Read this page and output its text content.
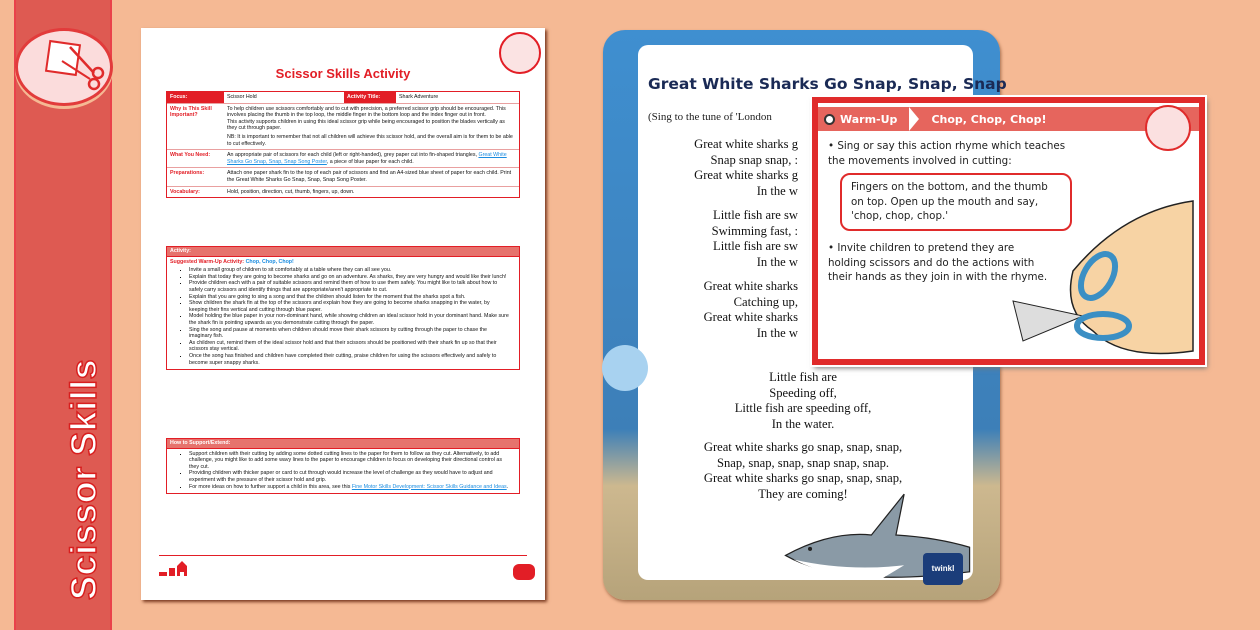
Scissor Skills
Scissor Skills Activity
Focus:	Scissor Hold	Activity Title:	Shark Adventure
Why is This Skill Important?
To help children use scissors comfortably and to cut with precision, a preferred scissor grip should be encouraged. This involves placing the thumb in the top loop, the middle finger in the bottom loop and the index finger out in front.
This activity supports children in using this ideal scissor grip while being encouraged to position the blades vertically as they cut through paper.
NB: It is important to remember that not all children will achieve this scissor hold, and the overall aim is for them to be able to cut effectively.
What You Need:	An appropriate pair of scissors for each child (left or right-handed), grey paper cut into fin-shaped triangles, Great White Sharks Go Snap, Snap, Snap Song Poster, a piece of blue paper for each child.
Preparations:	Attach one paper shark fin to the top of each pair of scissors and find an A4-sized blue sheet of paper for each child. Print the Great White Sharks Go Snap, Snap, Snap Song Poster.
Vocabulary:	Hold, position, direction, cut, thumb, fingers, up, down.
Activity:
Suggested Warm-Up Activity: Chop, Chop, Chop!
▪ Invite a small group of children to sit comfortably at a table where they can all see you.
▪ Explain that today they are going to become sharks and go on an adventure. As sharks, they are very hungry and would like their lunch!
▪ Provide children each with a pair of suitable scissors and remind them of how to use them safely. You might like to talk about how to safely carry scissors and identify things that are appropriate/aren't appropriate to cut.
▪ Explain that you are going to sing a song and that the children should listen for the moment that the sharks spot a fish.
▪ Show children the shark fin at the top of the scissors and explain how they are going to become sharks snapping in the water, by keeping their fins vertical and cutting through blue paper.
▪ Model holding the blue paper in your non-dominant hand, while showing children an ideal scissor hold in your dominant hand. Make sure the shark fin is pointing upwards as you demonstrate cutting through the paper.
▪ Sing the song and pause at moments when children should move their shark scissors by cutting through the paper to chase the imaginary fish.
▪ As children cut, remind them of the ideal scissor hold and that their scissors should be positioned with their shark fin up so that their scissors stay vertical.
▪ Once the song has finished and children have completed their cutting, praise children for using the scissors effectively and safely to become super snappy sharks.
How to Support/Extend:
▪ Support children with their cutting by adding some dotted cutting lines to the paper for them to follow as they cut. Alternatively, to add challenge, you might like to add some wavy lines to the paper to encourage children to focus on developing their directional control as they cut.
▪ Providing children with thicker paper or card to cut through would increase the level of challenge as they would have to adjust and experiment with the pressure of their scissor hold and grip.
▪ For more ideas on how to further support a child in this area, see this Fine Motor Skills Development: Scissor Skills Guidance and Ideas.
Great White Sharks Go Snap, Snap, Snap
(Sing to the tune of 'London
Great white sharks g
Snap snap snap, :
Great white sharks g
In the w
Little fish are sw
Swimming fast, :
Little fish are sw
In the w
Great white sharks
Catching up,
Great white sharks
In the w
Little fish are
Speeding off,
Little fish are speeding off,
In the water.
Great white sharks go snap, snap, snap,
Snap, snap, snap, snap snap, snap.
Great white sharks go snap, snap, snap,
They are coming!
twinkl
Warm-Up	Chop, Chop, Chop!
• Sing or say this action rhyme which teaches the movements involved in cutting:
Fingers on the bottom, and the thumb on top. Open up the mouth and say, 'chop, chop, chop.'
• Invite children to pretend they are holding scissors and do the actions with their hands as they join in with the rhyme.
